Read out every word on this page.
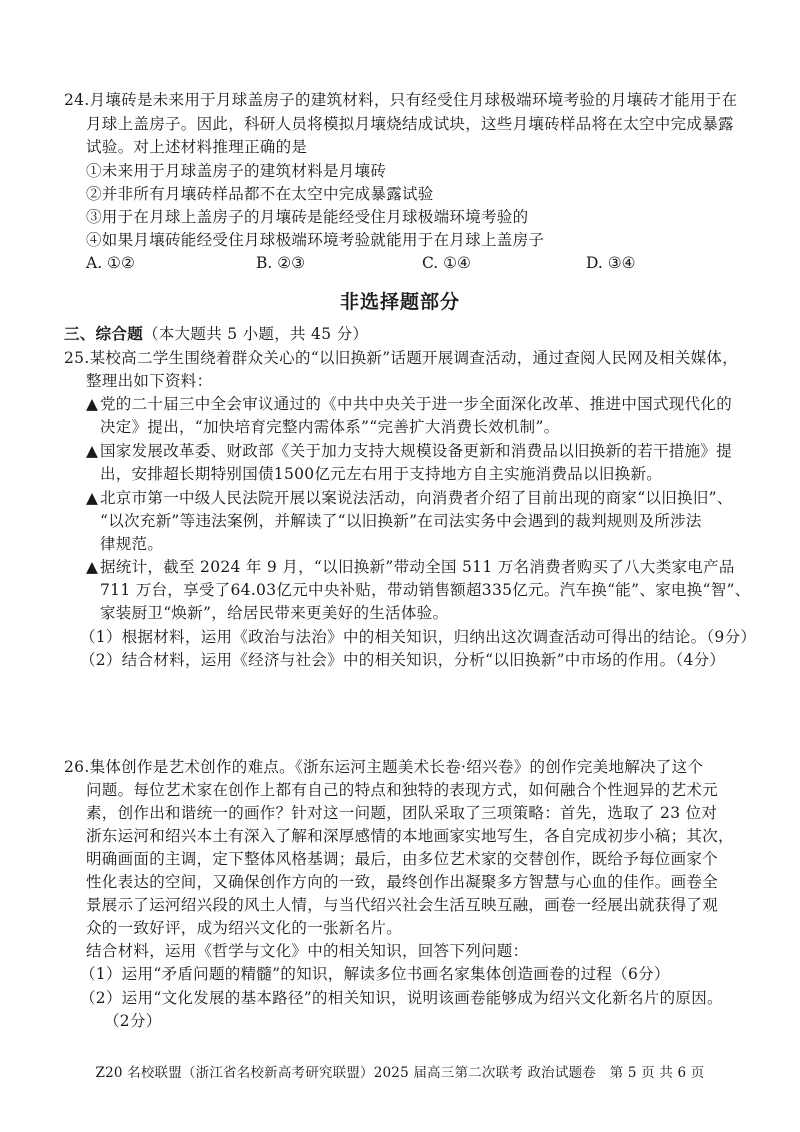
24.月壤砖是未来用于月球盖房子的建筑材料，只有经受住月球极端环境考验的月壤砖才能用于在
月球上盖房子。因此，科研人员将模拟月壤烧结成试块，这些月壤砖样品将在太空中完成暴露
试验。对上述材料推理正确的是
①未来用于月球盖房子的建筑材料是月壤砖
②并非所有月壤砖样品都不在太空中完成暴露试验
③用于在月球上盖房子的月壤砖是能经受住月球极端环境考验的
④如果月壤砖能经受住月球极端环境考验就能用于在月球上盖房子
A. ①②	B. ②③	C. ①④	D. ③④
非选择题部分
三、综合题（本大题共 5 小题，共 45 分）
25.某校高二学生围绕着群众关心的“以旧换新”话题开展调查活动，通过查阅人民网及相关媒体，
整理出如下资料：
▲ 党的二十届三中全会审议通过的《中共中央关于进一步全面深化改革、推进中国式现代化的
决定》提出，“加快培育完整内需体系”“完善扩大消费长效机制”。
▲ 国家发展改革委、财政部《关于加力支持大规模设备更新和消费品以旧换新的若干措施》提
出，安排超长期特别国债1500亿元左右用于支持地方自主实施消费品以旧换新。
▲ 北京市第一中级人民法院开展以案说法活动，向消费者介绍了目前出现的商家“以旧换旧”、
“以次充新”等违法案例，并解读了“以旧换新”在司法实务中会遇到的裁判规则及所涉法
律规范。
▲ 据统计，截至 2024 年 9 月，“以旧换新”带动全国 511 万名消费者购买了八大类家电产品
711 万台，享受了64.03亿元中央补贴，带动销售额超335亿元。汽车换“能”、家电换“智”、
家装厨卫“焕新”，给居民带来更美好的生活体验。
（1）根据材料，运用《政治与法治》中的相关知识，归纳出这次调查活动可得出的结论。（9分）
（2）结合材料，运用《经济与社会》中的相关知识，分析“以旧换新”中市场的作用。（4分）
26.集体创作是艺术创作的难点。《浙东运河主题美术长卷·绍兴卷》的创作完美地解决了这个
问题。每位艺术家在创作上都有自己的特点和独特的表现方式，如何融合个性迥异的艺术元
素，创作出和谐统一的画作？针对这一问题，团队采取了三项策略：首先，选取了 23 位对
浙东运河和绍兴本土有深入了解和深厚感情的本地画家实地写生，各自完成初步小稿；其次，
明确画面的主调，定下整体风格基调；最后，由多位艺术家的交替创作，既给予每位画家个
性化表达的空间，又确保创作方向的一致，最终创作出凝聚多方智慧与心血的佳作。画卷全
景展示了运河绍兴段的风土人情，与当代绍兴社会生活互映互融，画卷一经展出就获得了观
众的一致好评，成为绍兴文化的一张新名片。
结合材料，运用《哲学与文化》中的相关知识，回答下列问题：
（1）运用“矛盾问题的精髓”的知识，解读多位书画名家集体创造画卷的过程（6分）
（2）运用“文化发展的基本路径”的相关知识，说明该画卷能够成为绍兴文化新名片的原因。
（2分）
Z20 名校联盟（浙江省名校新高考研究联盟）2025 届高三第二次联考 政治试题卷　第 5 页 共 6 页
